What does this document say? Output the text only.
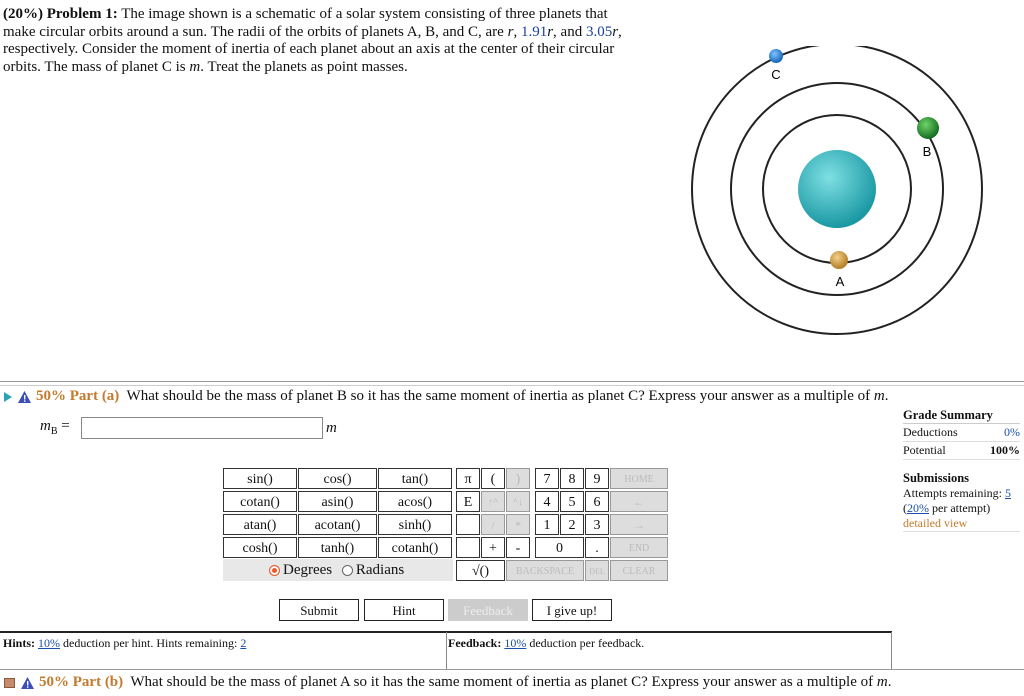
(20%) Problem 1: The image shown is a schematic of a solar system consisting of three planets that make circular orbits around a sun. The radii of the orbits of planets A, B, and C, are r, 1.91r, and 3.05r, respectively. Consider the moment of inertia of each planet about an axis at the center of their circular orbits. The mass of planet C is m. Treat the planets as point masses.
A
B
C
50% Part (a) What should be the mass of planet B so it has the same moment of inertia as planet C? Express your answer as a multiple of m.
$m_B$ =	m
sin()	cos()	tan()
cotan()	asin()	acos()
atan()	acotan()	sinh()
cosh()	tanh()	cotanh()
Degrees Radians
π	(	)
E	↑^	^↓
/	*
+	-
√()	BACKSPACE	DEL	CLEAR
7	8	9
4	5	6
1	2	3
0	.
HOME
←
→
END
Submit	Hint	Feedback	I give up!
Grade Summary
Deductions	0%
Potential	100%
Submissions
Attempts remaining: 5
(20% per attempt)
detailed view
Hints: 10% deduction per hint. Hints remaining: 2	Feedback: 10% deduction per feedback.
50% Part (b) What should be the mass of planet A so it has the same moment of inertia as planet C? Express your answer as a multiple of m.
